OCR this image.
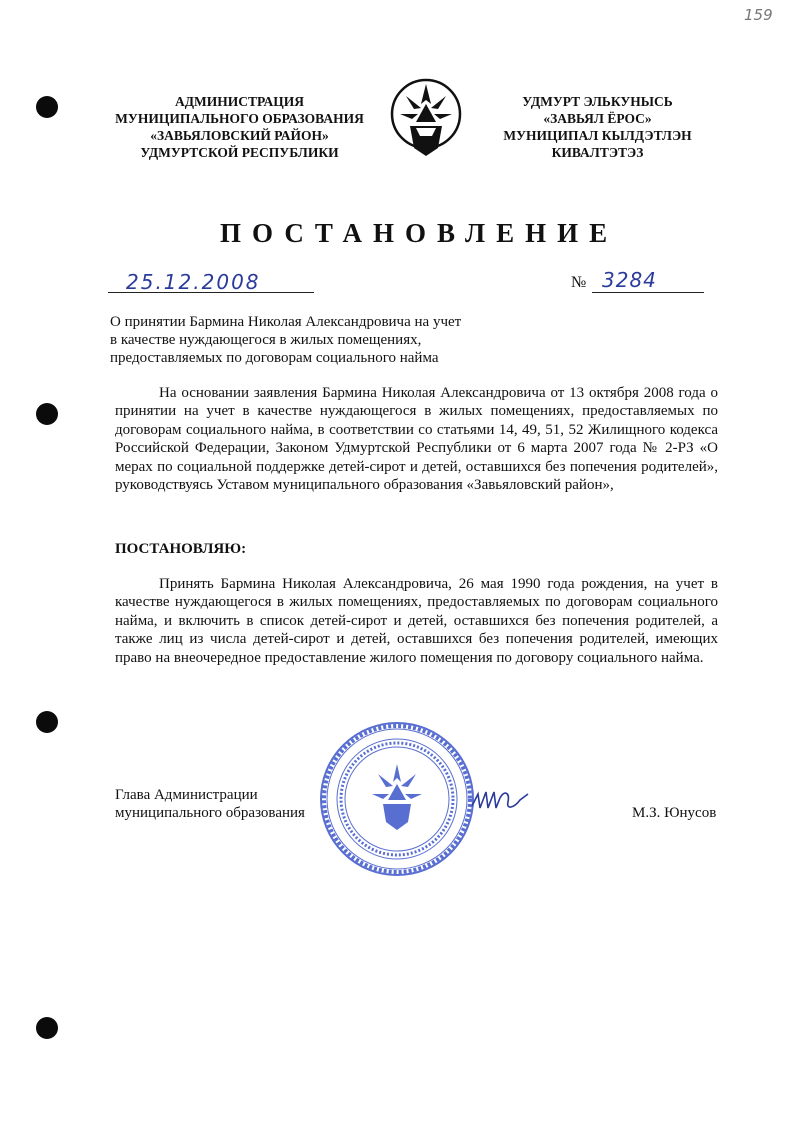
159
АДМИНИСТРАЦИЯ
МУНИЦИПАЛЬНОГО ОБРАЗОВАНИЯ
«ЗАВЬЯЛОВСКИЙ РАЙОН»
УДМУРТСКОЙ РЕСПУБЛИКИ
УДМУРТ ЭЛЬКУНЫСЬ
«ЗАВЬЯЛ ЁРОС»
МУНИЦИПАЛ КЫЛДЭТЛЭН
КИВАЛТЭТЭЗ
ПОСТАНОВЛЕНИЕ
25.12.2008	№ 3284
О принятии Бармина Николая Александровича на учет
в качестве нуждающегося в жилых помещениях,
предоставляемых по договорам социального найма
На основании заявления Бармина Николая Александровича от 13 октября 2008 года о принятии на учет в качестве нуждающегося в жилых помещениях, предоставляемых по договорам социального найма, в соответствии со статьями 14, 49, 51, 52 Жилищного кодекса Российской Федерации, Законом Удмуртской Республики от 6 марта 2007 года № 2-РЗ «О мерах по социальной поддержке детей-сирот и детей, оставшихся без попечения родителей», руководствуясь Уставом муниципального образования «Завьяловский район»,
ПОСТАНОВЛЯЮ:
Принять Бармина Николая Александровича, 26 мая 1990 года рождения, на учет в качестве нуждающегося в жилых помещениях, предоставляемых по договорам социального найма, и включить в список детей-сирот и детей, оставшихся без попечения родителей, а также лиц из числа детей-сирот и детей, оставшихся без попечения родителей, имеющих право на внеочередное предоставление жилого помещения по договору социального найма.
Глава Администрации
муниципального образования	М.З. Юнусов
